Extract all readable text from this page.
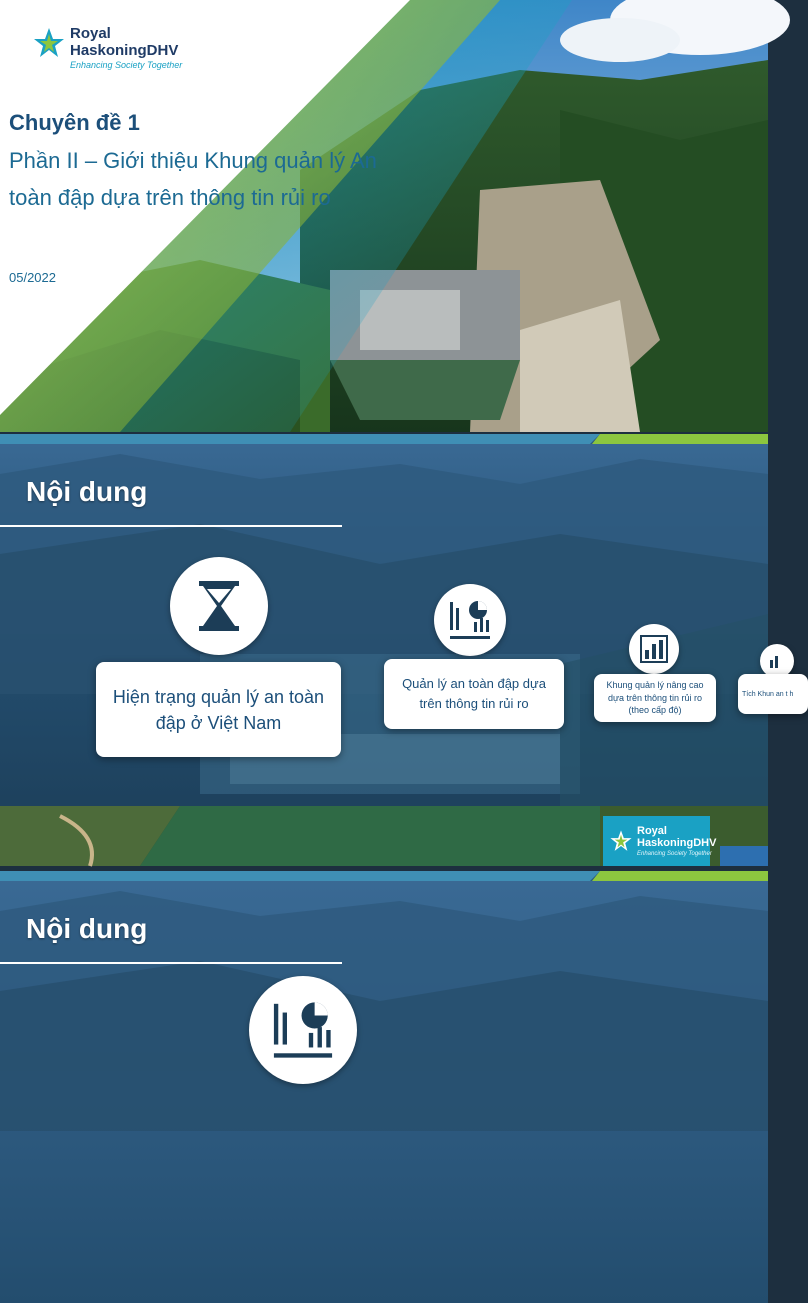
Royal
HaskoningDHV
Enhancing Society Together
Chuyên đề 1
Phần II – Giới thiệu Khung quản lý An toàn đập dựa trên thông tin rủi ro
05/2022
Nội dung
Hiện trạng quản lý an toàn đập ở Việt Nam
Quản lý an toàn đập dựa trên thông tin rủi ro
Khung quản lý nâng cao dựa trên thông tin rủi ro (theo cấp độ)
Tích Khun an t h
Royal
HaskoningDHV
Enhancing Society Together
Nội dung
